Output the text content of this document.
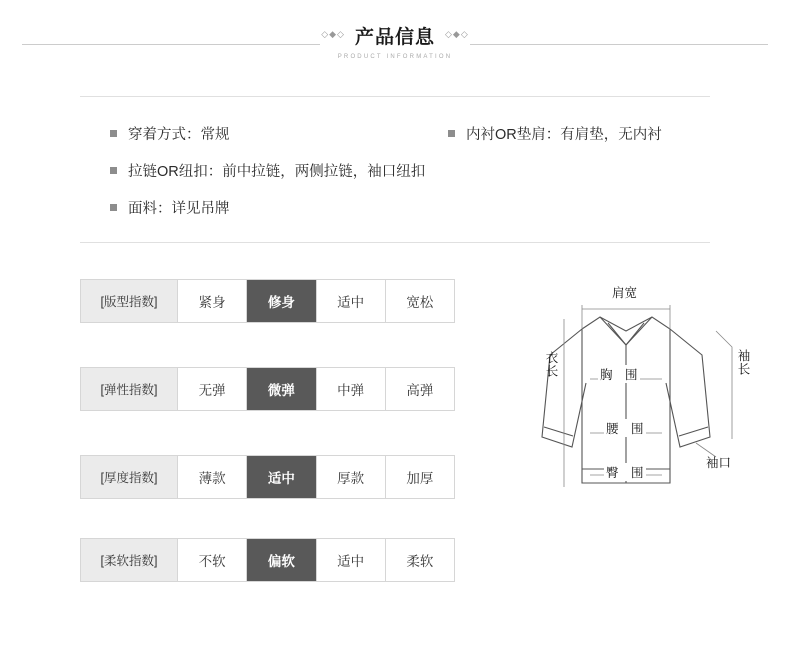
◇◆◇ 产品信息 ◇◆◇
PRODUCT INFORMATION
穿着方式：常规	内衬OR垫肩：有肩垫，无内衬
拉链OR纽扣：前中拉链，两侧拉链，袖口纽扣
面料：详见吊牌
[版型指数]	紧身	修身	适中	宽松
[弹性指数]	无弹	微弹	中弹	高弹
[厚度指数]	薄款	适中	厚款	加厚
[柔软指数]	不软	偏软	适中	柔软
肩宽
衣长	胸　围	袖长
腰　围
臀　围
袖口
